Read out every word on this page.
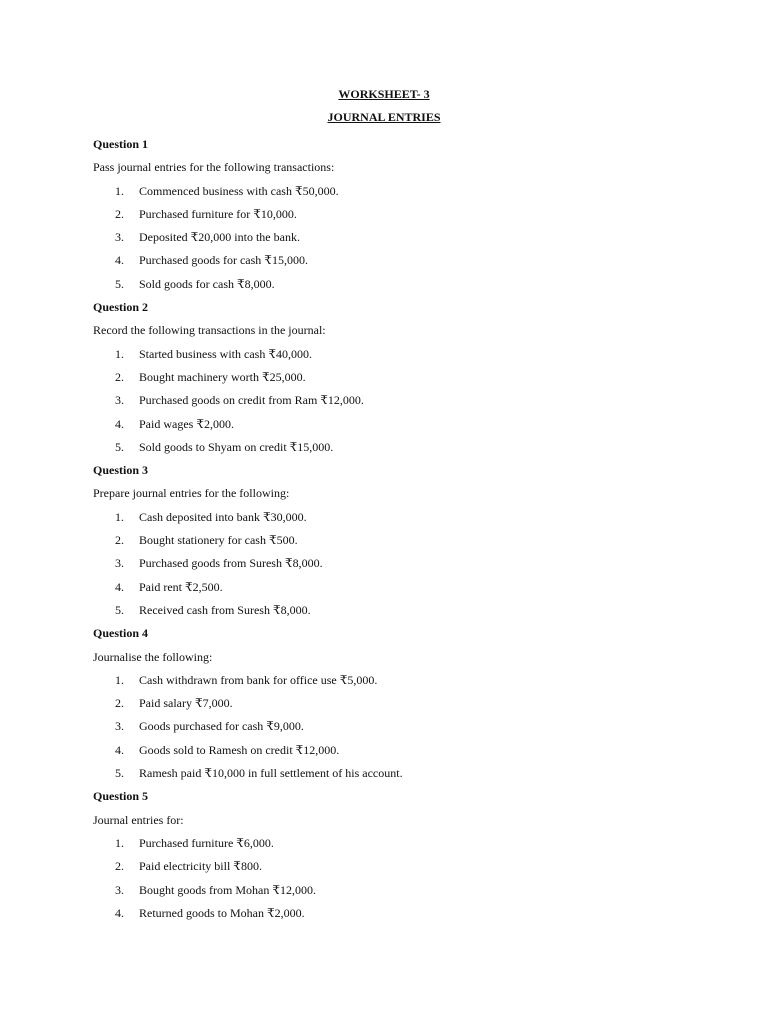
WORKSHEET- 3
JOURNAL ENTRIES
Question 1
Pass journal entries for the following transactions:
1.	Commenced business with cash ₹50,000.
2.	Purchased furniture for ₹10,000.
3.	Deposited ₹20,000 into the bank.
4.	Purchased goods for cash ₹15,000.
5.	Sold goods for cash ₹8,000.
Question 2
Record the following transactions in the journal:
1.	Started business with cash ₹40,000.
2.	Bought machinery worth ₹25,000.
3.	Purchased goods on credit from Ram ₹12,000.
4.	Paid wages ₹2,000.
5.	Sold goods to Shyam on credit ₹15,000.
Question 3
Prepare journal entries for the following:
1.	Cash deposited into bank ₹30,000.
2.	Bought stationery for cash ₹500.
3.	Purchased goods from Suresh ₹8,000.
4.	Paid rent ₹2,500.
5.	Received cash from Suresh ₹8,000.
Question 4
Journalise the following:
1.	Cash withdrawn from bank for office use ₹5,000.
2.	Paid salary ₹7,000.
3.	Goods purchased for cash ₹9,000.
4.	Goods sold to Ramesh on credit ₹12,000.
5.	Ramesh paid ₹10,000 in full settlement of his account.
Question 5
Journal entries for:
1.	Purchased furniture ₹6,000.
2.	Paid electricity bill ₹800.
3.	Bought goods from Mohan ₹12,000.
4.	Returned goods to Mohan ₹2,000.
